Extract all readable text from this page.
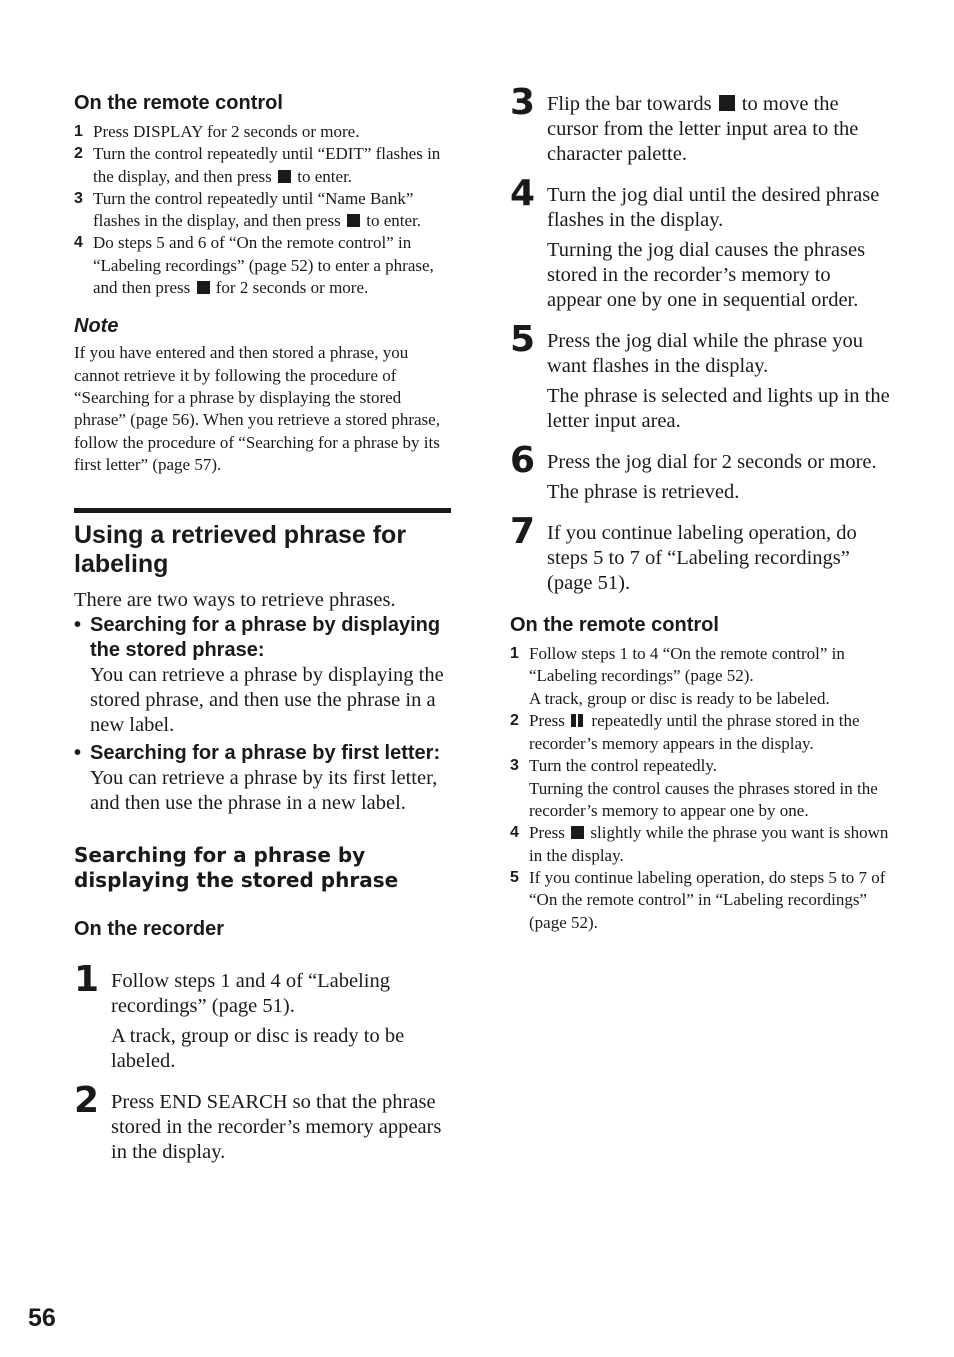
On the remote control
1 Press DISPLAY for 2 seconds or more.
2 Turn the control repeatedly until “EDIT” flashes in the display, and then press to enter.
3 Turn the control repeatedly until “Name Bank” flashes in the display, and then press to enter.
4 Do steps 5 and 6 of “On the remote control” in “Labeling recordings” (page 52) to enter a phrase, and then press for 2 seconds or more.
Note

If you have entered and then stored a phrase, you cannot retrieve it by following the procedure of “Searching for a phrase by displaying the stored phrase” (page 56). When you retrieve a stored phrase, follow the procedure of “Searching for a phrase by its first letter” (page 57).

Using a retrieved phrase for labeling

There are two ways to retrieve phrases.

• Searching for a phrase by displaying the stored phrase:

You can retrieve a phrase by displaying the stored phrase, and then use the phrase in a new label.

• Searching for a phrase by first letter:

You can retrieve a phrase by its first letter, and then use the phrase in a new label.

Searching for a phrase by displaying the stored phrase
On the recorder
1 Follow steps 1 and 4 of “Labeling recordings” (page 51).

A track, group or disc is ready to be labeled.

2 Press END SEARCH so that the phrase stored in the recorder’s memory appears in the display.

3 Flip the bar towards to move the cursor from the letter input area to the character palette.

4 Turn the jog dial until the desired phrase flashes in the display.

Turning the jog dial causes the phrases stored in the recorder’s memory to appear one by one in sequential order.

5 Press the jog dial while the phrase you want flashes in the display.

The phrase is selected and lights up in the letter input area.

6 Press the jog dial for 2 seconds or more.

The phrase is retrieved.

7 If you continue labeling operation, do steps 5 to 7 of “Labeling recordings” (page 51).

On the remote control
1 Follow steps 1 to 4 “On the remote control” in “Labeling recordings” (page 52).
A track, group or disc is ready to be labeled.
2 Press repeatedly until the phrase stored in the recorder’s memory appears in the display.
3 Turn the control repeatedly.
Turning the control causes the phrases stored in the recorder’s memory to appear one by one.
4 Press slightly while the phrase you want is shown in the display.
5 If you continue labeling operation, do steps 5 to 7 of “On the remote control” in “Labeling recordings” (page 52).
56
